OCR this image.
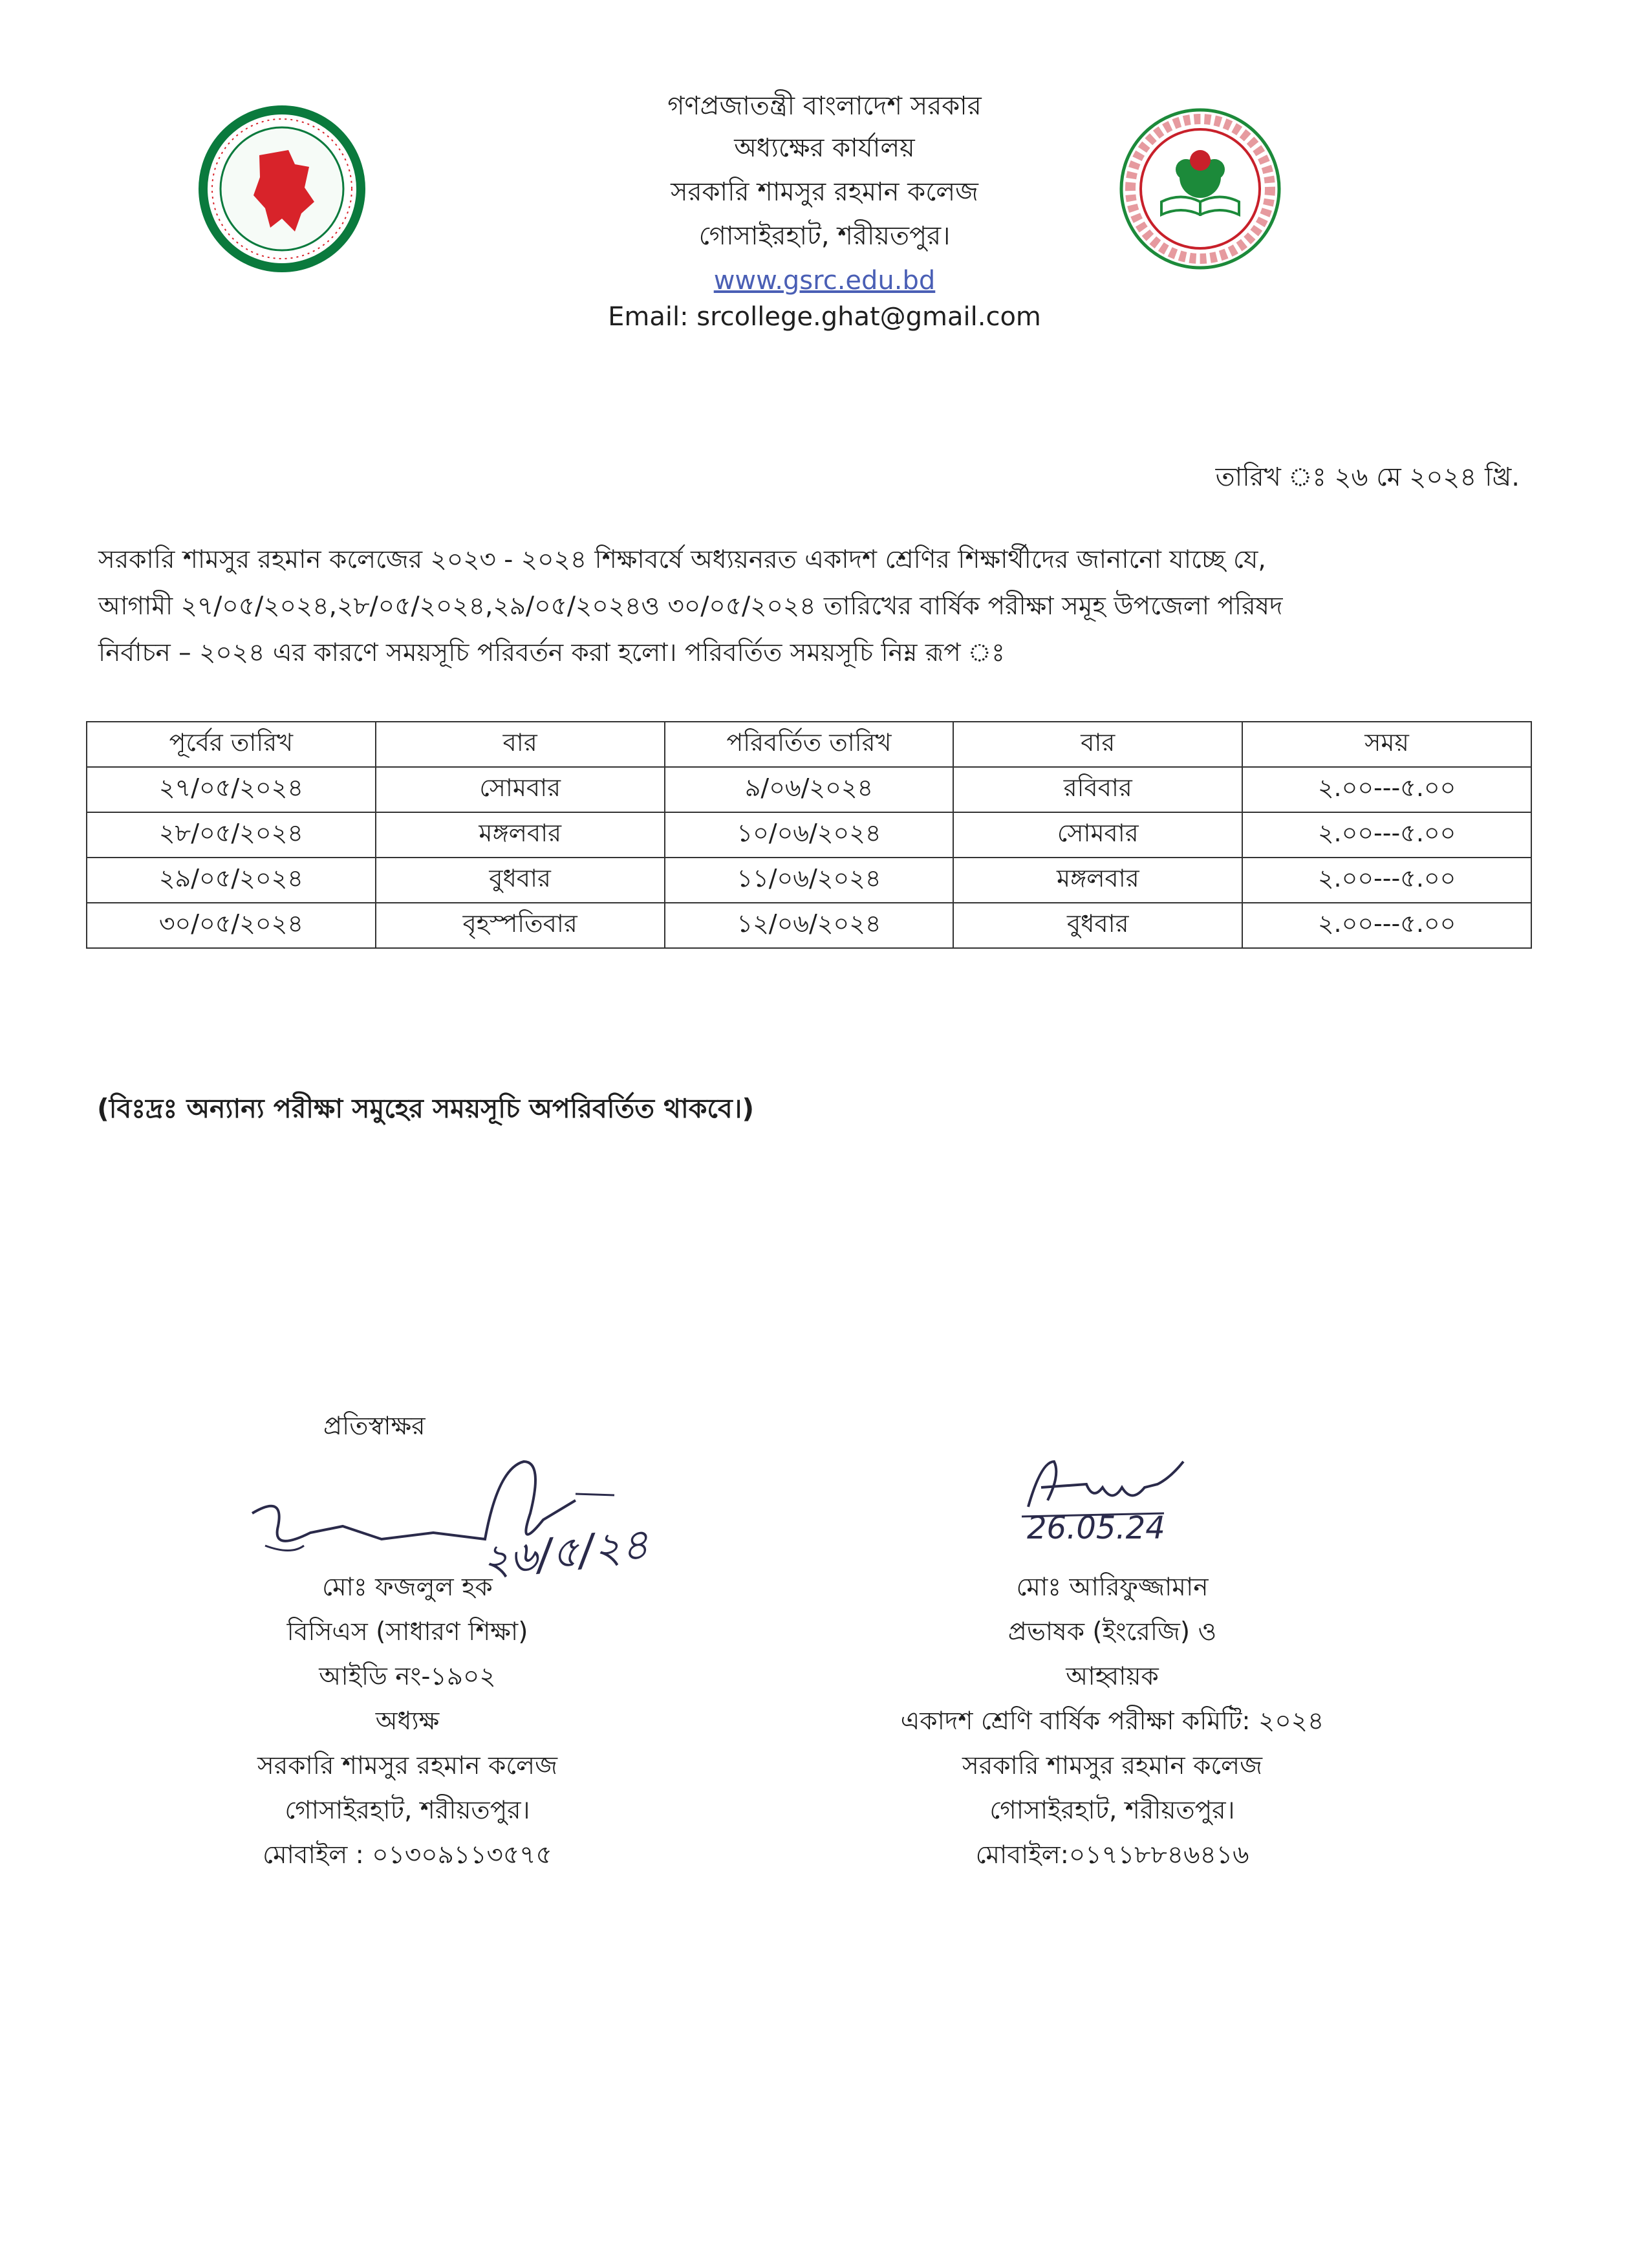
গণপ্রজাতন্ত্রী বাংলাদেশ সরকার
অধ্যক্ষের কার্যালয়
সরকারি শামসুর রহমান কলেজ
গোসাইরহাট, শরীয়তপুর।
www.gsrc.edu.bd
Email: srcollege.ghat@gmail.com
তারিখ ঃ ২৬ মে ২০২৪ খ্রি.

সরকারি শামসুর রহমান কলেজের ২০২৩ - ২০২৪ শিক্ষাবর্ষে অধ্যয়নরত একাদশ শ্রেণির শিক্ষার্থীদের জানানো যাচ্ছে যে,

আগামী ২৭/০৫/২০২৪,২৮/০৫/২০২৪,২৯/০৫/২০২৪ও ৩০/০৫/২০২৪ তারিখের বার্ষিক পরীক্ষা সমূহ উপজেলা পরিষদ

নির্বাচন – ২০২৪ এর কারণে সময়সূচি পরিবর্তন করা হলো। পরিবর্তিত সময়সূচি নিম্ন রূপ ঃ

পূর্বের তারিখ	বার	পরিবর্তিত তারিখ	বার	সময়
২৭/০৫/২০২৪	সোমবার	৯/০৬/২০২৪	রবিবার	২.০০---৫.০০
২৮/০৫/২০২৪	মঙ্গলবার	১০/০৬/২০২৪	সোমবার	২.০০---৫.০০
২৯/০৫/২০২৪	বুধবার	১১/০৬/২০২৪	মঙ্গলবার	২.০০---৫.০০
৩০/০৫/২০২৪	বৃহস্পতিবার	১২/০৬/২০২৪	বুধবার	২.০০---৫.০০
(বিঃদ্রঃ অন্যান্য পরীক্ষা সমুহের সময়সূচি অপরিবর্তিত থাকবে।)
প্রতিস্বাক্ষর
২৬/৫/২৪
মোঃ ফজলুল হক
বিসিএস (সাধারণ শিক্ষা)
আইডি নং-১৯০২
অধ্যক্ষ
সরকারি শামসুর রহমান কলেজ
গোসাইরহাট, শরীয়তপুর।
মোবাইল : ০১৩০৯১১৩৫৭৫
26.05.24
মোঃ আরিফুজ্জামান
প্রভাষক (ইংরেজি) ও
আহ্বায়ক
একাদশ শ্রেণি বার্ষিক পরীক্ষা কমিটি: ২০২৪
সরকারি শামসুর রহমান কলেজ
গোসাইরহাট, শরীয়তপুর।
মোবাইল:০১৭১৮৮৪৬৪১৬
